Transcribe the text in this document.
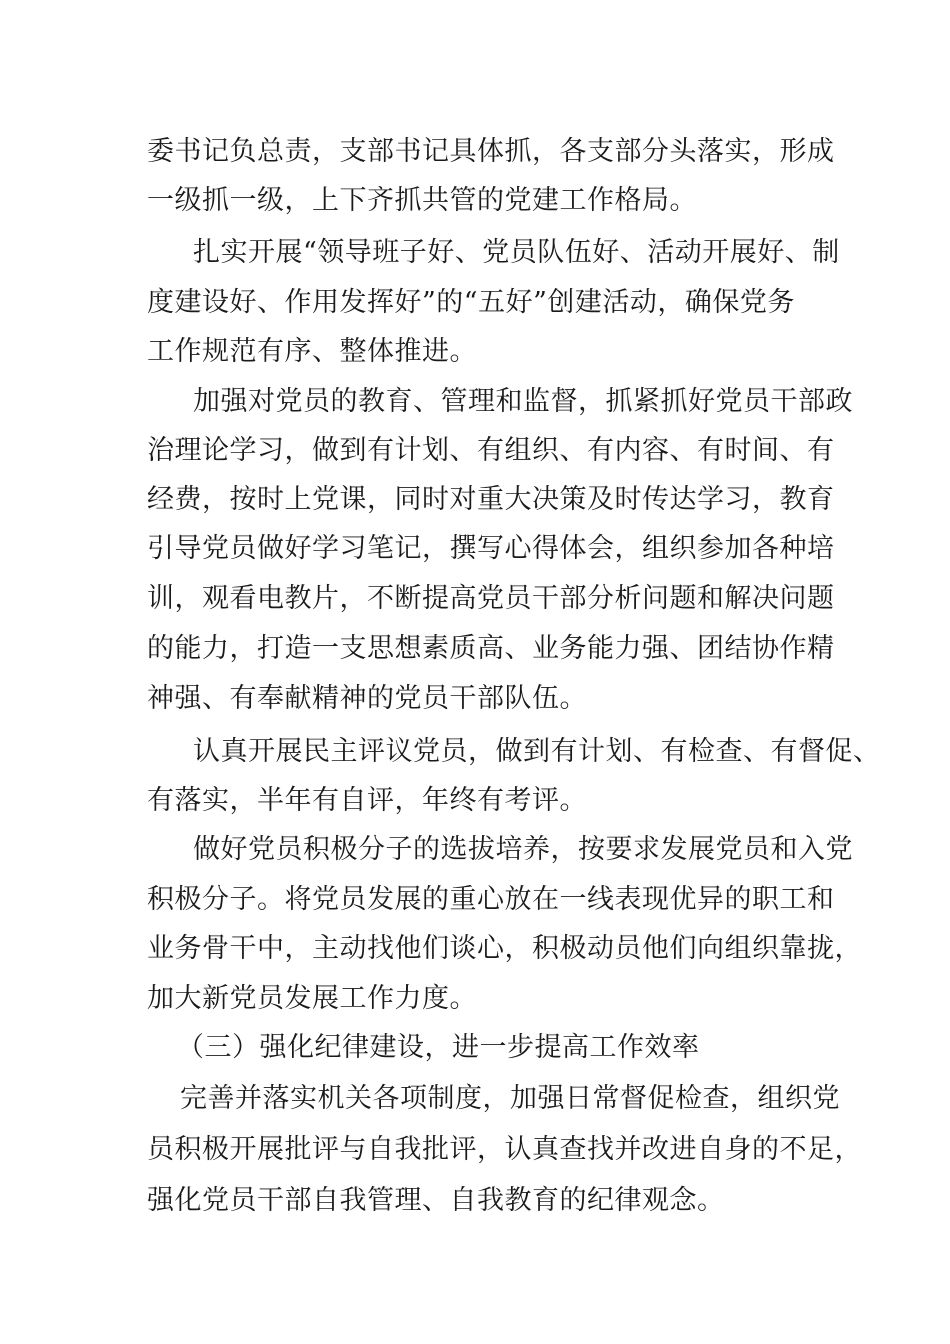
委书记负总责，支部书记具体抓，各支部分头落实，形成
一级抓一级，上下齐抓共管的党建工作格局。
扎实开展“领导班子好、党员队伍好、活动开展好、制
度建设好、作用发挥好”的“五好”创建活动，确保党务
工作规范有序、整体推进。
加强对党员的教育、管理和监督，抓紧抓好党员干部政
治理论学习，做到有计划、有组织、有内容、有时间、有
经费，按时上党课，同时对重大决策及时传达学习，教育
引导党员做好学习笔记，撰写心得体会，组织参加各种培
训，观看电教片，不断提高党员干部分析问题和解决问题
的能力，打造一支思想素质高、业务能力强、团结协作精
神强、有奉献精神的党员干部队伍。
认真开展民主评议党员，做到有计划、有检查、有督促、
有落实，半年有自评，年终有考评。
做好党员积极分子的选拔培养，按要求发展党员和入党
积极分子。将党员发展的重心放在一线表现优异的职工和
业务骨干中，主动找他们谈心，积极动员他们向组织靠拢，
加大新党员发展工作力度。
（三）强化纪律建设，进一步提高工作效率
完善并落实机关各项制度，加强日常督促检查，组织党
员积极开展批评与自我批评，认真查找并改进自身的不足，
强化党员干部自我管理、自我教育的纪律观念。
